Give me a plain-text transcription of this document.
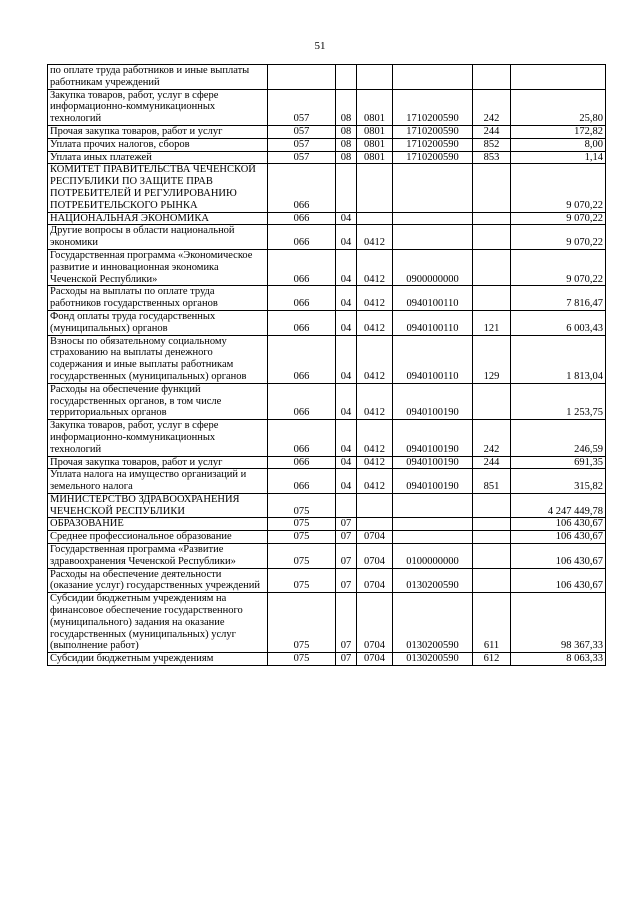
51
по оплате труда работников и иные выплаты работникам учреждений						
Закупка товаров, работ, услуг в сфере информационно-коммуникационных технологий	057	08	0801	1710200590	242	25,80
Прочая закупка товаров, работ и услуг	057	08	0801	1710200590	244	172,82
Уплата прочих налогов, сборов	057	08	0801	1710200590	852	8,00
Уплата иных платежей	057	08	0801	1710200590	853	1,14
КОМИТЕТ ПРАВИТЕЛЬСТВА ЧЕЧЕНСКОЙ РЕСПУБЛИКИ ПО ЗАЩИТЕ ПРАВ ПОТРЕБИТЕЛЕЙ И РЕГУЛИРОВАНИЮ ПОТРЕБИТЕЛЬСКОГО РЫНКА	066					9 070,22
НАЦИОНАЛЬНАЯ ЭКОНОМИКА	066	04				9 070,22
Другие вопросы в области национальной экономики	066	04	0412			9 070,22
Государственная программа «Экономическое развитие и инновационная экономика Чеченской Республики»	066	04	0412	0900000000		9 070,22
Расходы на выплаты по оплате труда работников государственных органов	066	04	0412	0940100110		7 816,47
Фонд оплаты труда государственных (муниципальных) органов	066	04	0412	0940100110	121	6 003,43
Взносы по обязательному социальному страхованию на выплаты денежного содержания и иные выплаты работникам государственных (муниципальных) органов	066	04	0412	0940100110	129	1 813,04
Расходы на обеспечение функций государственных органов, в том числе территориальных органов	066	04	0412	0940100190		1 253,75
Закупка товаров, работ, услуг в сфере информационно-коммуникационных технологий	066	04	0412	0940100190	242	246,59
Прочая закупка товаров, работ и услуг	066	04	0412	0940100190	244	691,35
Уплата налога на имущество организаций и земельного налога	066	04	0412	0940100190	851	315,82
МИНИСТЕРСТВО ЗДРАВООХРАНЕНИЯ ЧЕЧЕНСКОЙ РЕСПУБЛИКИ	075					4 247 449,78
ОБРАЗОВАНИЕ	075	07				106 430,67
Среднее профессиональное образование	075	07	0704			106 430,67
Государственная программа «Развитие здравоохранения Чеченской Республики»	075	07	0704	0100000000		106 430,67
Расходы на обеспечение деятельности (оказание услуг) государственных учреждений	075	07	0704	0130200590		106 430,67
Субсидии бюджетным учреждениям на финансовое обеспечение государственного (муниципального) задания на оказание государственных (муниципальных) услуг (выполнение работ)	075	07	0704	0130200590	611	98 367,33
Субсидии бюджетным учреждениям	075	07	0704	0130200590	612	8 063,33
